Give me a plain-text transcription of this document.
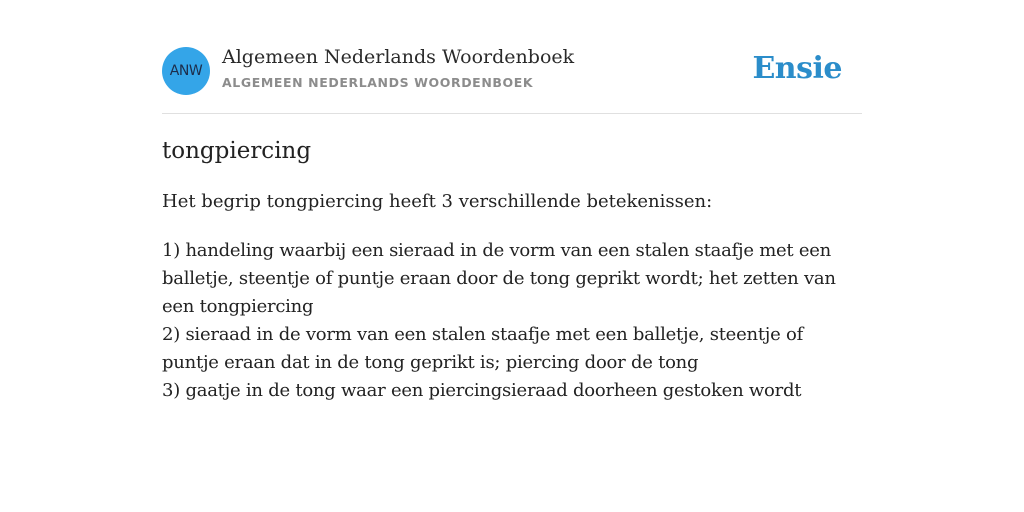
ANW
Algemeen Nederlands Woordenboek
ALGEMEEN NEDERLANDS WOORDENBOEK	Ensie
tongpiercing
Het begrip tongpiercing heeft 3 verschillende betekenissen:

1) handeling waarbij een sieraad in de vorm van een stalen staafje met een balletje, steentje of puntje eraan door de tong geprikt wordt; het zetten van een tongpiercing

2) sieraad in de vorm van een stalen staafje met een balletje, steentje of puntje eraan dat in de tong geprikt is; piercing door de tong

3) gaatje in de tong waar een piercingsieraad doorheen gestoken wordt
